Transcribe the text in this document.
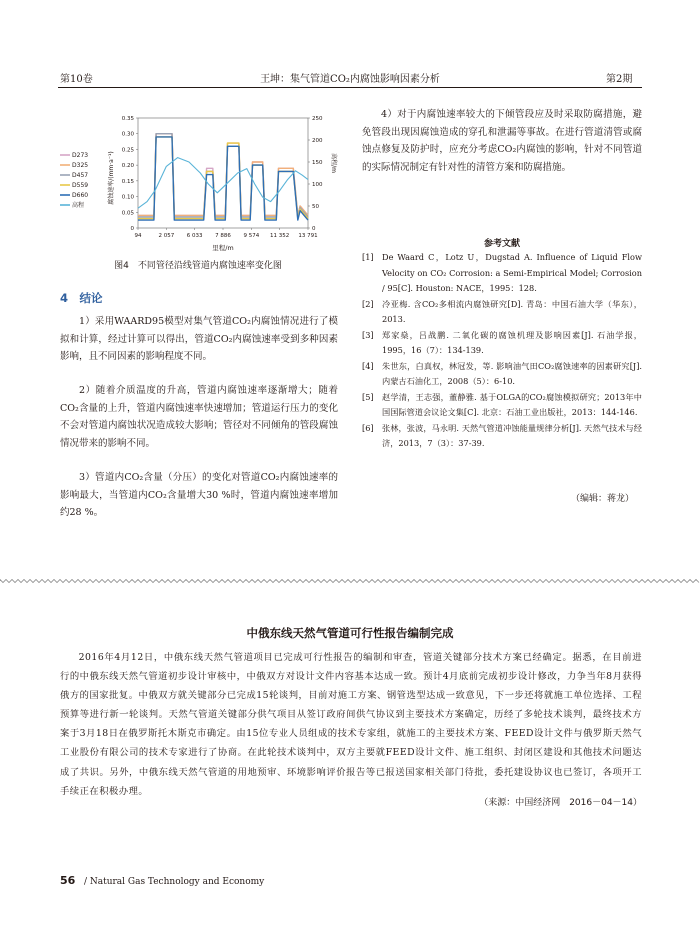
第10卷	王坤：集气管道CO₂内腐蚀影响因素分析	第2期
D273
D325
D457
D559
D660
高程
0
0.05
0.10
0.15
0.20
0.25
0.30
0.35
0
50
100
150
200
250
94	2 057 6 033 7 886 9 574 11 352 13 791
腐蚀速率/(mm·a⁻¹)	高程/m
里程/m
图4　不同管径沿线管道内腐蚀速率变化图
4　结论
1）采用WAARD95模型对集气管道CO₂内腐蚀情况进行了模拟和计算，经过计算可以得出，管道CO₂内腐蚀速率受到多种因素影响，且不同因素的影响程度不同。
2）随着介质温度的升高，管道内腐蚀速率逐渐增大；随着CO₂含量的上升，管道内腐蚀速率快速增加；管道运行压力的变化不会对管道内腐蚀状况造成较大影响；管径对不同倾角的管段腐蚀情况带来的影响不同。
3）管道内CO₂含量（分压）的变化对管道CO₂内腐蚀速率的影响最大，当管道内CO₂含量增大30 %时，管道内腐蚀速率增加约28 %。
4）对于内腐蚀速率较大的下倾管段应及时采取防腐措施，避免管段出现因腐蚀造成的穿孔和泄漏等事故。在进行管道清管或腐蚀点修复及防护时，应充分考虑CO₂内腐蚀的影响，针对不同管道的实际情况制定有针对性的清管方案和防腐措施。
参考文献
[1]	De Waard C，Lotz U，Dugstad A. Influence of Liquid Flow Velocity on CO₂ Corrosion: a Semi-Empirical Model; Corrosion / 95[C]. Houston: NACE，1995：128.
[2]	冷亚梅. 含CO₂多相流内腐蚀研究[D]. 青岛：中国石油大学（华东），2013.
[3]	郑家燊，吕战鹏. 二氧化碳的腐蚀机理及影响因素[J]. 石油学报，1995，16（7）：134-139.
[4]	朱世东，白真权，林冠发，等. 影响油气田CO₂腐蚀速率的因素研究[J]. 内蒙古石油化工，2008（5）：6-10.
[5]	赵学清，王志强，董静雅. 基于OLGA的CO₂腐蚀模拟研究；2013年中国国际管道会议论文集[C]. 北京：石油工业出版社，2013：144-146.
[6]	张林，张波，马永明. 天然气管道冲蚀能量规律分析[J]. 天然气技术与经济，2013，7（3）：37-39.
（编辑：蒋龙）
中俄东线天然气管道可行性报告编制完成
2016年4月12日，中俄东线天然气管道项目已完成可行性报告的编制和审查，管道关键部分技术方案已经确定。据悉，在目前进行的中俄东线天然气管道初步设计审核中，中俄双方对设计文件内容基本达成一致。预计4月底前完成初步设计修改，力争当年8月获得俄方的国家批复。中俄双方就关键部分已完成15轮谈判，目前对施工方案、钢管选型达成一致意见，下一步还将就施工单位选择、工程预算等进行新一轮谈判。天然气管道关键部分供气项目从签订政府间供气协议到主要技术方案确定，历经了多轮技术谈判，最终技术方案于3月18日在俄罗斯托木斯克市确定。由15位专业人员组成的技术专家组，就施工的主要技术方案、FEED设计文件与俄罗斯天然气工业股份有限公司的技术专家进行了协商。在此轮技术谈判中，双方主要就FEED设计文件、施工组织、封闭区建设和其他技术问题达成了共识。另外，中俄东线天然气管道的用地预审、环境影响评价报告等已报送国家相关部门待批，委托建设协议也已签订，各项开工手续正在积极办理。
（来源：中国经济网　2016－04－14）
56 / Natural Gas Technology and Economy
